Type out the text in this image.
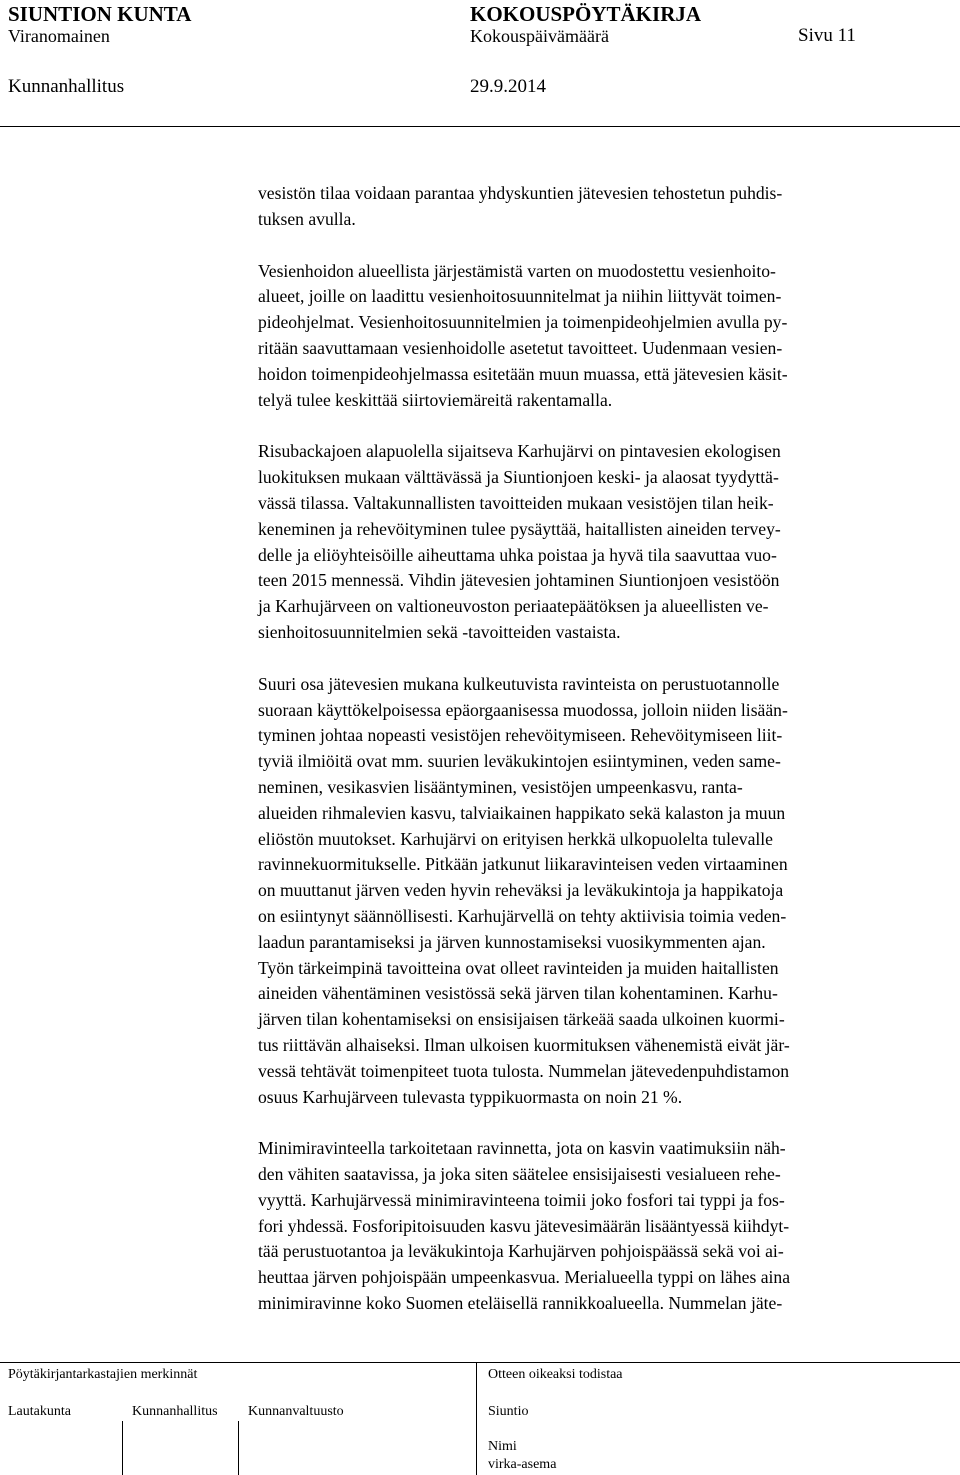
SIUNTION KUNTA	KOKOUSPÖYTÄKIRJA
Viranomainen	Kokouspäivämäärä	Sivu 11
Kunnanhallitus	29.9.2014

vesistön tilaa voidaan parantaa yhdyskuntien jätevesien tehostetun puhdis-
tuksen avulla.

Vesienhoidon alueellista järjestämistä varten on muodostettu vesienhoito-
alueet, joille on laadittu vesienhoitosuunnitelmat ja niihin liittyvät toimen-
pideohjelmat. Vesienhoitosuunnitelmien ja toimenpideohjelmien avulla py-
ritään saavuttamaan vesienhoidolle asetetut tavoitteet. Uudenmaan vesien-
hoidon toimenpideohjelmassa esitetään muun muassa, että jätevesien käsit-
telyä tulee keskittää siirtoviemäreitä rakentamalla.

Risubackajoen alapuolella sijaitseva Karhujärvi on pintavesien ekologisen
luokituksen mukaan välttävässä ja Siuntionjoen keski- ja alaosat tyydyttä-
vässä tilassa. Valtakunnallisten tavoitteiden mukaan vesistöjen tilan heik-
keneminen ja rehevöityminen tulee pysäyttää, haitallisten aineiden tervey-
delle ja eliöyhteisöille aiheuttama uhka poistaa ja hyvä tila saavuttaa vuo-
teen 2015 mennessä. Vihdin jätevesien johtaminen Siuntionjoen vesistöön
ja Karhujärveen on valtioneuvoston periaatepäätöksen ja alueellisten ve-
sienhoitosuunnitelmien sekä -tavoitteiden vastaista.

Suuri osa jätevesien mukana kulkeutuvista ravinteista on perustuotannolle
suoraan käyttökelpoisessa epäorgaanisessa muodossa, jolloin niiden lisään-
tyminen johtaa nopeasti vesistöjen rehevöitymiseen. Rehevöitymiseen liit-
tyviä ilmiöitä ovat mm. suurien leväkukintojen esiintyminen, veden same-
neminen, vesikasvien lisääntyminen, vesistöjen umpeenkasvu, ranta-
alueiden rihmalevien kasvu, talviaikainen happikato sekä kalaston ja muun
eliöstön muutokset. Karhujärvi on erityisen herkkä ulkopuolelta tulevalle
ravinnekuormitukselle. Pitkään jatkunut liikaravinteisen veden virtaaminen
on muuttanut järven veden hyvin reheväksi ja leväkukintoja ja happikatoja
on esiintynyt säännöllisesti. Karhujärvellä on tehty aktiivisia toimia veden-
laadun parantamiseksi ja järven kunnostamiseksi vuosikymmenten ajan.
Työn tärkeimpinä tavoitteina ovat olleet ravinteiden ja muiden haitallisten
aineiden vähentäminen vesistössä sekä järven tilan kohentaminen. Karhu-
järven tilan kohentamiseksi on ensisijaisen tärkeää saada ulkoinen kuormi-
tus riittävän alhaiseksi. Ilman ulkoisen kuormituksen vähenemistä eivät jär-
vessä tehtävät toimenpiteet tuota tulosta. Nummelan jätevedenpuhdistamon
osuus Karhujärveen tulevasta typpikuormasta on noin 21 %.

Minimiravinteella tarkoitetaan ravinnetta, jota on kasvin vaatimuksiin näh-
den vähiten saatavissa, ja joka siten säätelee ensisijaisesti vesialueen rehe-
vyyttä. Karhujärvessä minimiravinteena toimii joko fosfori tai typpi ja fos-
fori yhdessä. Fosforipitoisuuden kasvu jätevesimäärän lisääntyessä kiihdyt-
tää perustuotantoa ja leväkukintoja Karhujärven pohjoispäässä sekä voi ai-
heuttaa järven pohjoispään umpeenkasvua. Merialueella typpi on lähes aina
minimiravinne koko Suomen eteläisellä rannikkoalueella. Nummelan jäte-

Pöytäkirjantarkastajien merkinnät	Otteen oikeaksi todistaa
Lautakunta	Kunnanhallitus Kunnanvaltuusto	Siuntio
Nimi
virka-asema
